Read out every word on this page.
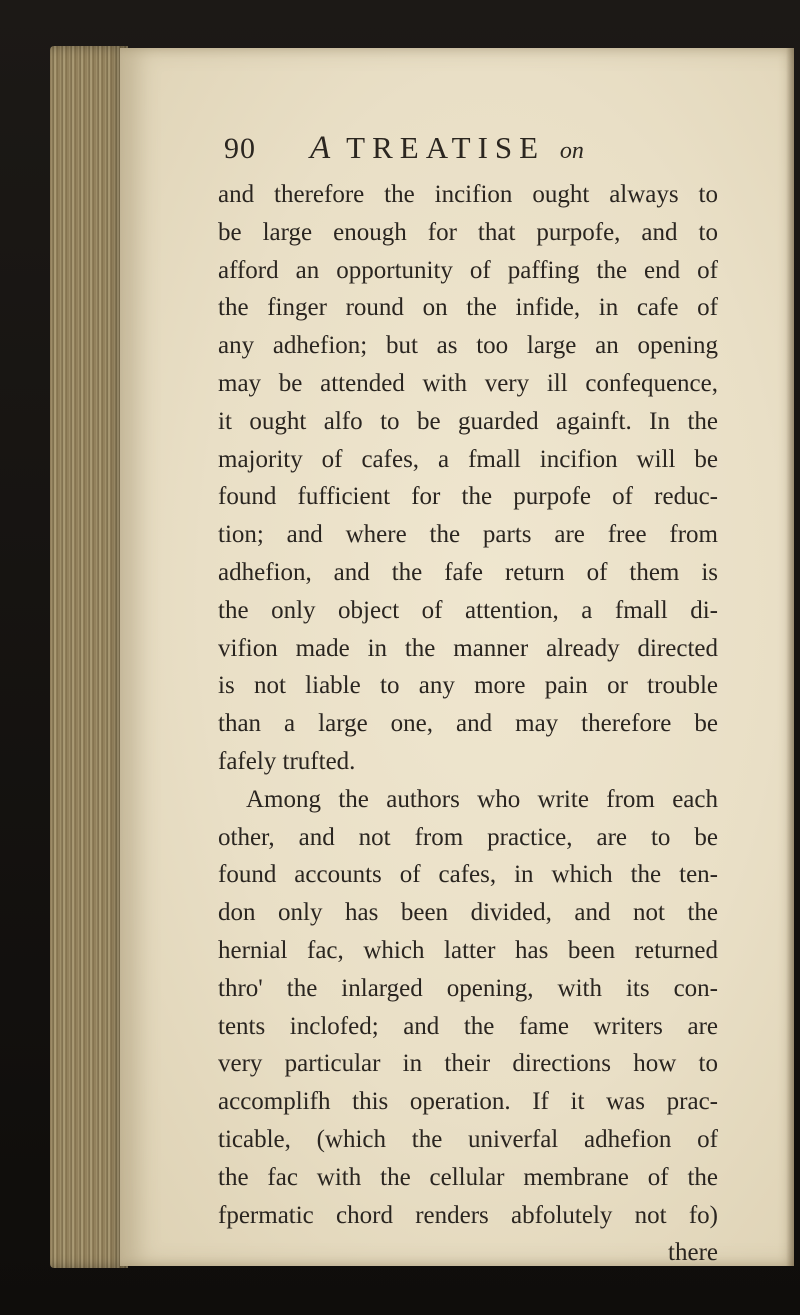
90 A TREATISE on
and therefore the incifion ought always to
be large enough for that purpofe, and to
afford an opportunity of paffing the end of
the finger round on the infide, in cafe of
any adhefion; but as too large an opening
may be attended with very ill confequence,
it ought alfo to be guarded againft. In the
majority of cafes, a fmall incifion will be
found fufficient for the purpofe of reduc-
tion; and where the parts are free from
adhefion, and the fafe return of them is
the only object of attention, a fmall di-
vifion made in the manner already directed
is not liable to any more pain or trouble
than a large one, and may therefore be
fafely trufted.
Among the authors who write from each
other, and not from practice, are to be
found accounts of cafes, in which the ten-
don only has been divided, and not the
hernial fac, which latter has been returned
thro' the inlarged opening, with its con-
tents inclofed; and the fame writers are
very particular in their directions how to
accomplifh this operation. If it was prac-
ticable, (which the univerfal adhefion of
the fac with the cellular membrane of the
fpermatic chord renders abfolutely not fo)
there
